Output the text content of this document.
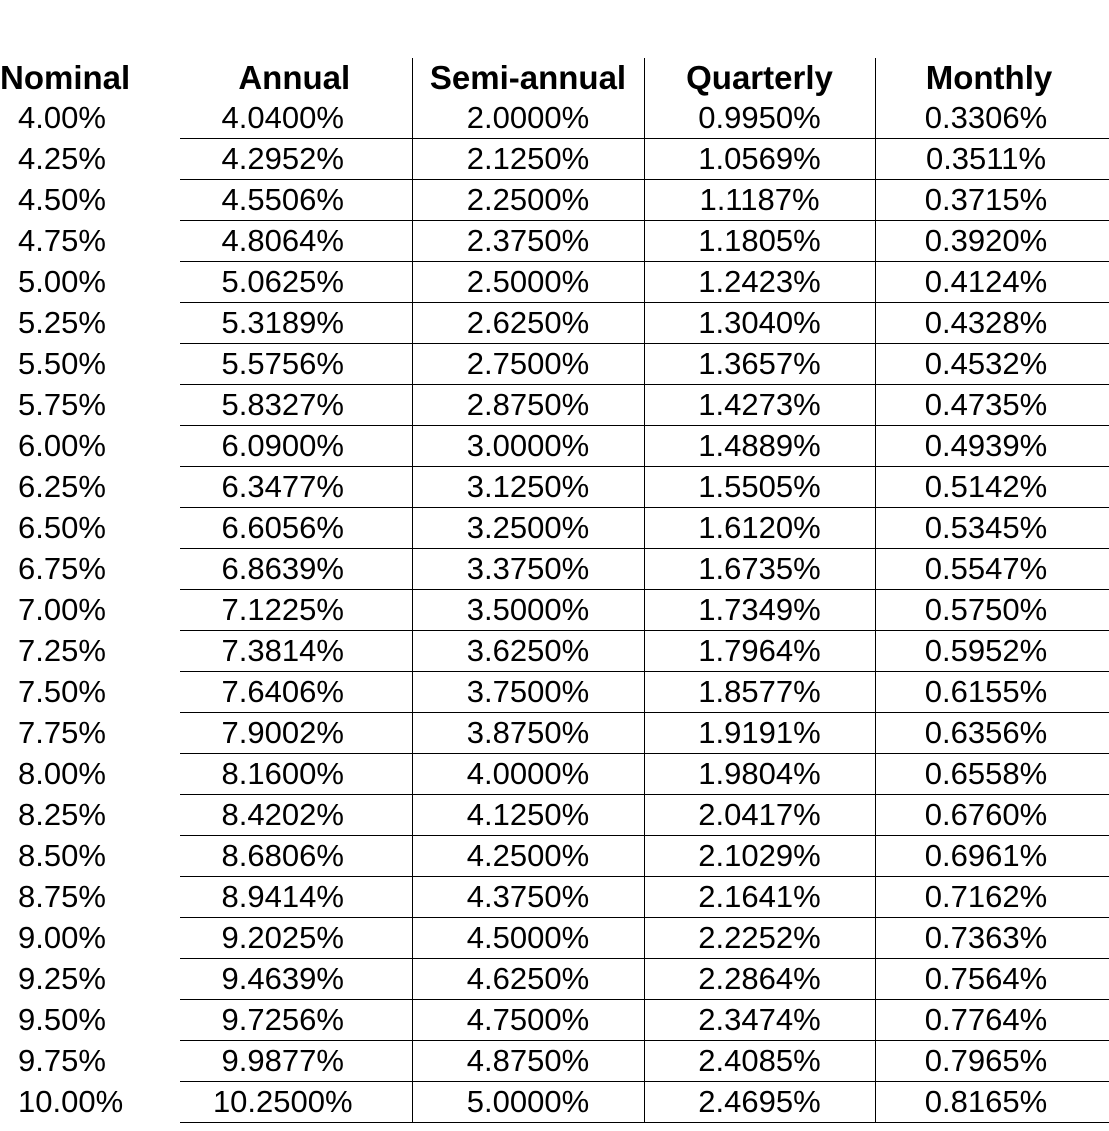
Nominal	Annual	Semi-annual	Quarterly	Monthly
4.00%	4.0400%	2.0000%	0.9950%	0.3306%
4.25%	4.2952%	2.1250%	1.0569%	0.3511%
4.50%	4.5506%	2.2500%	1.1187%	0.3715%
4.75%	4.8064%	2.3750%	1.1805%	0.3920%
5.00%	5.0625%	2.5000%	1.2423%	0.4124%
5.25%	5.3189%	2.6250%	1.3040%	0.4328%
5.50%	5.5756%	2.7500%	1.3657%	0.4532%
5.75%	5.8327%	2.8750%	1.4273%	0.4735%
6.00%	6.0900%	3.0000%	1.4889%	0.4939%
6.25%	6.3477%	3.1250%	1.5505%	0.5142%
6.50%	6.6056%	3.2500%	1.6120%	0.5345%
6.75%	6.8639%	3.3750%	1.6735%	0.5547%
7.00%	7.1225%	3.5000%	1.7349%	0.5750%
7.25%	7.3814%	3.6250%	1.7964%	0.5952%
7.50%	7.6406%	3.7500%	1.8577%	0.6155%
7.75%	7.9002%	3.8750%	1.9191%	0.6356%
8.00%	8.1600%	4.0000%	1.9804%	0.6558%
8.25%	8.4202%	4.1250%	2.0417%	0.6760%
8.50%	8.6806%	4.2500%	2.1029%	0.6961%
8.75%	8.9414%	4.3750%	2.1641%	0.7162%
9.00%	9.2025%	4.5000%	2.2252%	0.7363%
9.25%	9.4639%	4.6250%	2.2864%	0.7564%
9.50%	9.7256%	4.7500%	2.3474%	0.7764%
9.75%	9.9877%	4.8750%	2.4085%	0.7965%
10.00%	10.2500%	5.0000%	2.4695%	0.8165%
